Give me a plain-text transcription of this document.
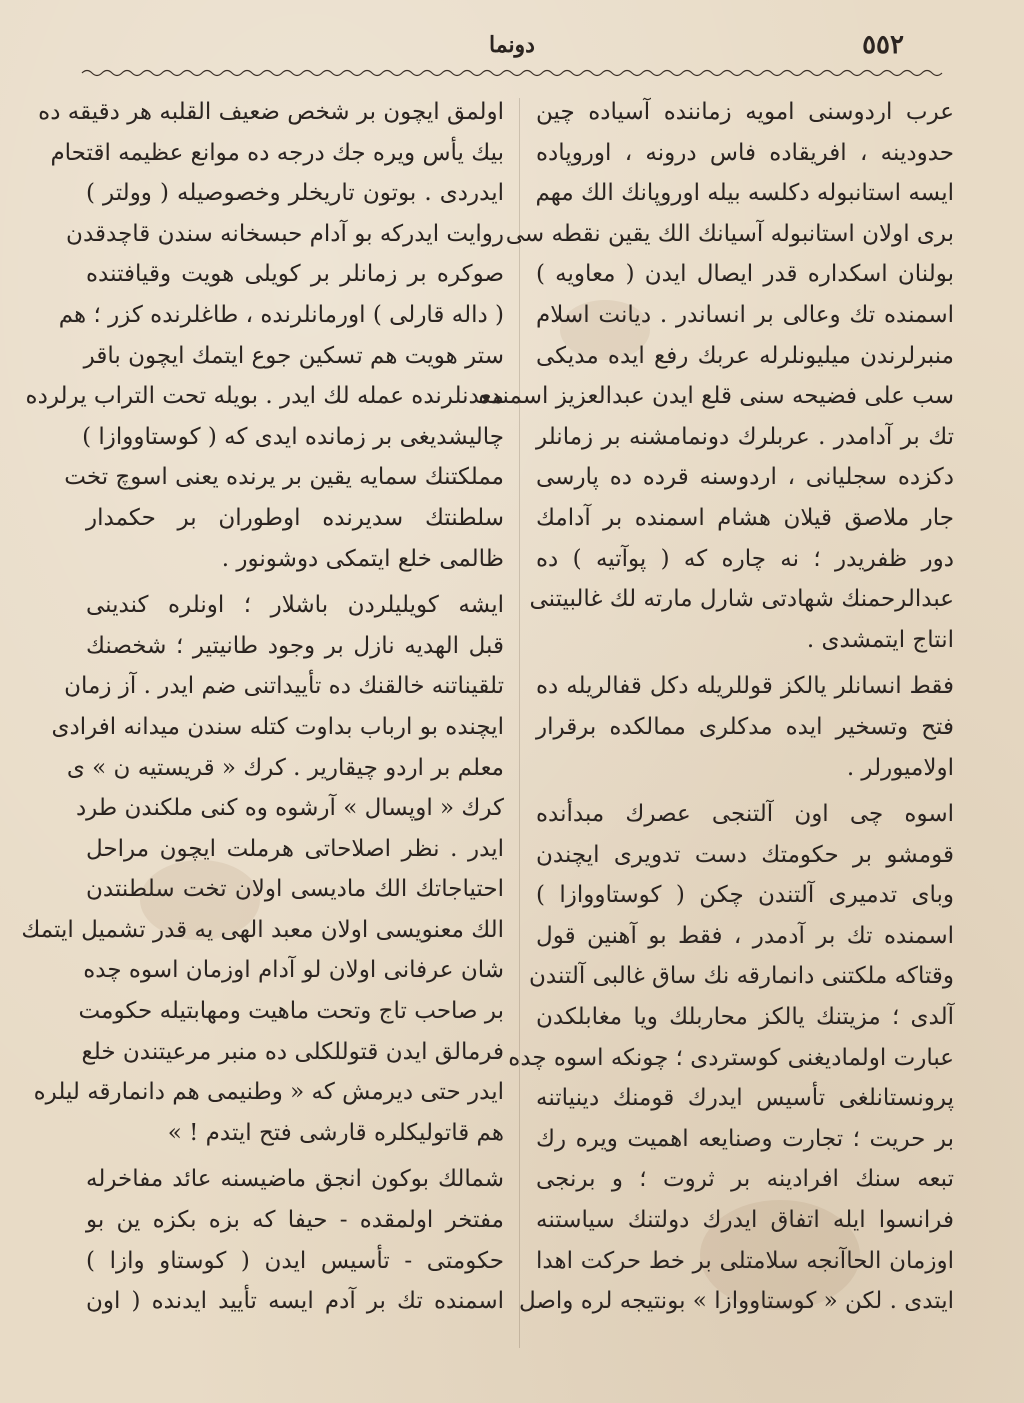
٥٥٢
دونما
عرب اردوسنی امویه زماننده آسیاده چین
حدودینه ، افریقاده فاس درونه ، اوروپاده
ایسه استانبوله دکلسه بیله اوروپانك الك مهم
بری اولان استانبوله آسیانك الك یقین نقطه سی
بولنان اسکداره قدر ایصال ایدن ( معاویه )
اسمنده تك وعالی بر انساندر . دیانت اسلام
منبرلرندن میلیونلرله عربك رفع ایده مدیکی
سب علی فضیحه سنی قلع ایدن عبدالعزیز اسمنده
تك بر آدامدر . عربلرك دونمامشنه بر زمانلر
دکزده سجلیانی ، اردوسنه قرده ده پارسی
جار ملاصق قیلان هشام اسمنده بر آدامك
دور ظفریدر ؛ نه چاره که ( پوآتیه ) ده
عبدالرحمنك شهادتی شارل مارته لك غالبیتنی
انتاج ایتمشدی .
فقط انسانلر یالکز قوللریله دکل قفالریله ده
فتح وتسخیر ایده مدکلری ممالکده برقرار
اولامیورلر .
اسوه چی اون آلتنجی عصرك مبدأنده
قومشو بر حکومتك دست تدویری ایچندن
وبای تدمیری آلتندن چکن ( کوستاووازا )
اسمنده تك بر آدمدر ، فقط بو آهنین قول
وقتاکه ملکتنی دانمارقه نك ساق غالبی آلتندن
آلدی ؛ مزیتنك یالکز محاربلك ویا مغابلکدن
عبارت اولمادیغنی کوستردی ؛ چونکه اسوه چده
پرونستانلغی تأسیس ایدرك قومنك دینیاتنه
بر حریت ؛ تجارت وصنایعه اهمیت ویره رك
تبعه سنك افرادینه بر ثروت ؛ و برنجی
فرانسوا ایله اتفاق ایدرك دولتنك سیاستنه
اوزمان الحاآنجه سلامتلی بر خط حرکت اهدا
ایتدی . لکن « کوستاووازا » بونتیجه لره واصل
اولمق ایچون بر شخص ضعیف القلبه هر دقیقه ده
بیك یأس ویره جك درجه ده موانع عظیمه اقتحام
ایدردی . بوتون تاریخلر وخصوصیله ( وولتر )
روایت ایدرکه بو آدام حبسخانه سندن قاچدقدن
صوکره بر زمانلر بر کویلی هویت وقیافتنده
( داله قارلی ) اورمانلرنده ، طاغلرنده کزر ؛ هم
ستر هویت هم تسکین جوع ایتمك ایچون باقر
معدنلرنده عمله لك ایدر . بویله تحت التراب یرلرده
چالیشدیغی بر زمانده ایدی که ( کوستاووازا )
مملکتنك سمایه یقین بر یرنده یعنی اسوچ تخت
سلطنتك سدیرنده اوطوران بر حکمدار
ظالمی خلع ایتمکی دوشونور .
ایشه کویلیلردن باشلار ؛ اونلره کندینی
قبل الهدیه نازل بر وجود طانیتیر ؛ شخصنك
تلقیناتنه خالقنك ده تأییداتنی ضم ایدر . آز زمان
ایچنده بو ارباب بداوت کتله سندن میدانه افرادی
معلم بر اردو چیقاریر . کرك « قریستیه ن » ی
کرك « اوپسال » آرشوه وه کنی ملکندن طرد
ایدر . نظر اصلاحاتی هرملت ایچون مراحل
احتیاجاتك الك مادیسی اولان تخت سلطنتدن
الك معنویسی اولان معبد الهی یه قدر تشمیل ایتمك
شان عرفانی اولان لو آدام اوزمان اسوه چده
بر صاحب تاج وتحت ماهیت ومهابتیله حکومت
فرمالق ایدن قتوللکلی ده منبر مرعیتندن خلع
ایدر حتی دیرمش که « وطنیمی هم دانمارقه لیلره
هم قاتولیکلره قارشی فتح ایتدم ! »
شمالك بوکون انجق ماضیسنه عائد مفاخرله
مفتخر اولمقده - حیفا که بزه بکزه ین بو
حکومتی - تأسیس ایدن ( کوستاو وازا )
اسمنده تك بر آدم ایسه تأیید ایدنده ( اون
